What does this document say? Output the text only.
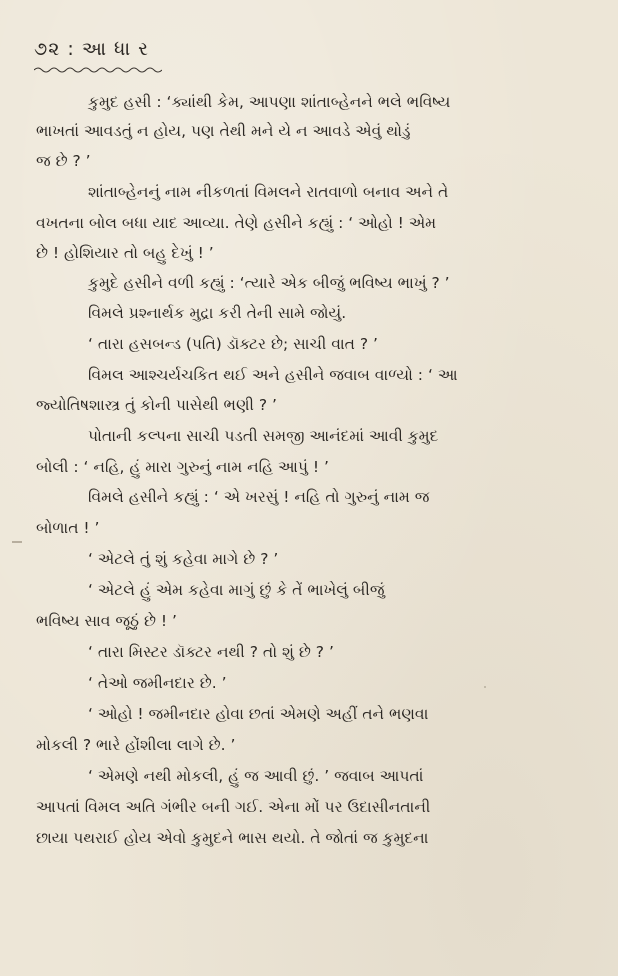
૭૨ : આ ધા ર
કુમુદ હસી : ‘ક્યાંથી કેમ, આપણા શાંતાબ્હેનને ભલે ભવિષ્ય
ભાખતાં આવડતું ન હોય, પણ તેથી મને યે ન આવડે એવું થોડું
જ છે ? ’
શાંતાબ્હેનનું નામ નીકળતાં વિમલને રાતવાળો બનાવ અને તે
વખતના બોલ બધા યાદ આવ્યા. તેણે હસીને કહ્યું : ‘ ઓહો ! એમ
છે ! હોશિયાર તો બહુ દેખું ! ’
કુમુદે હસીને વળી કહ્યું : ‘ત્યારે એક બીજું ભવિષ્ય ભાખું ? ’
વિમલે પ્રશ્નાર્થક મુદ્રા કરી તેની સામે જોયું.
‘ તારા હસબન્ડ (પતિ) ડૉક્ટર છે; સાચી વાત ? ’
વિમલ આશ્ચર્યચકિત થઈ અને હસીને જવાબ વાળ્યો : ‘ આ
જ્યોતિષશાસ્ત્ર તું કોની પાસેથી ભણી ? ’
પોતાની કલ્પના સાચી પડતી સમજી આનંદમાં આવી કુમુદ
બોલી : ‘ નહિ, હું મારા ગુરુનું નામ નહિ આપું ! ’
વિમલે હસીને કહ્યું : ‘ એ ખરસું ! નહિ તો ગુરુનું નામ જ
બોળાત ! ’
‘ એટલે તું શું કહેવા માગે છે ? ’
‘ એટલે હું એમ કહેવા માગું છું કે તેં ભાખેલું બીજું
ભવિષ્ય સાવ જૂઠું છે ! ’
‘ તારા મિસ્ટર ડૉક્ટર નથી ? તો શું છે ? ’
‘ તેઓ જમીનદાર છે. ’
‘ ઓહો ! જમીનદાર હોવા છતાં એમણે અહીં તને ભણવા
મોકલી ? ભારે હોંશીલા લાગે છે. ’
‘ એમણે નથી મોકલી, હું જ આવી છું. ’ જવાબ આપતાં
આપતાં વિમલ અતિ ગંભીર બની ગઈ. એના મોં પર ઉદાસીનતાની
છાયા પથરાઈ હોય એવો કુમુદને ભાસ થયો. તે જોતાં જ કુમુદના
